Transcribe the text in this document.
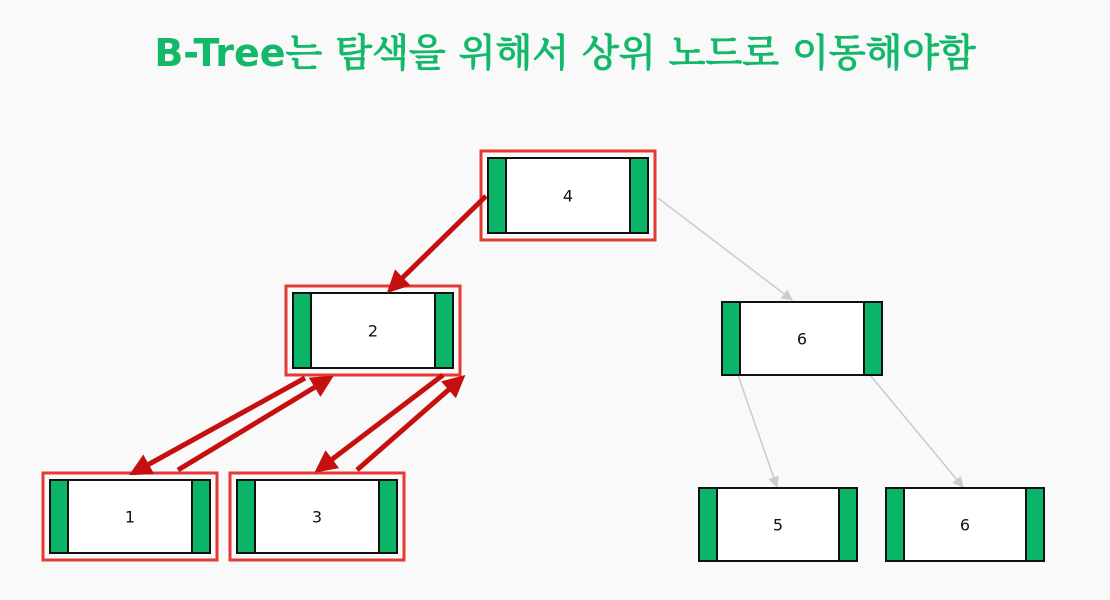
B-Tree는 탐색을 위해서 상위 노드로 이동해야함
4
2	6
1	3	5	6
